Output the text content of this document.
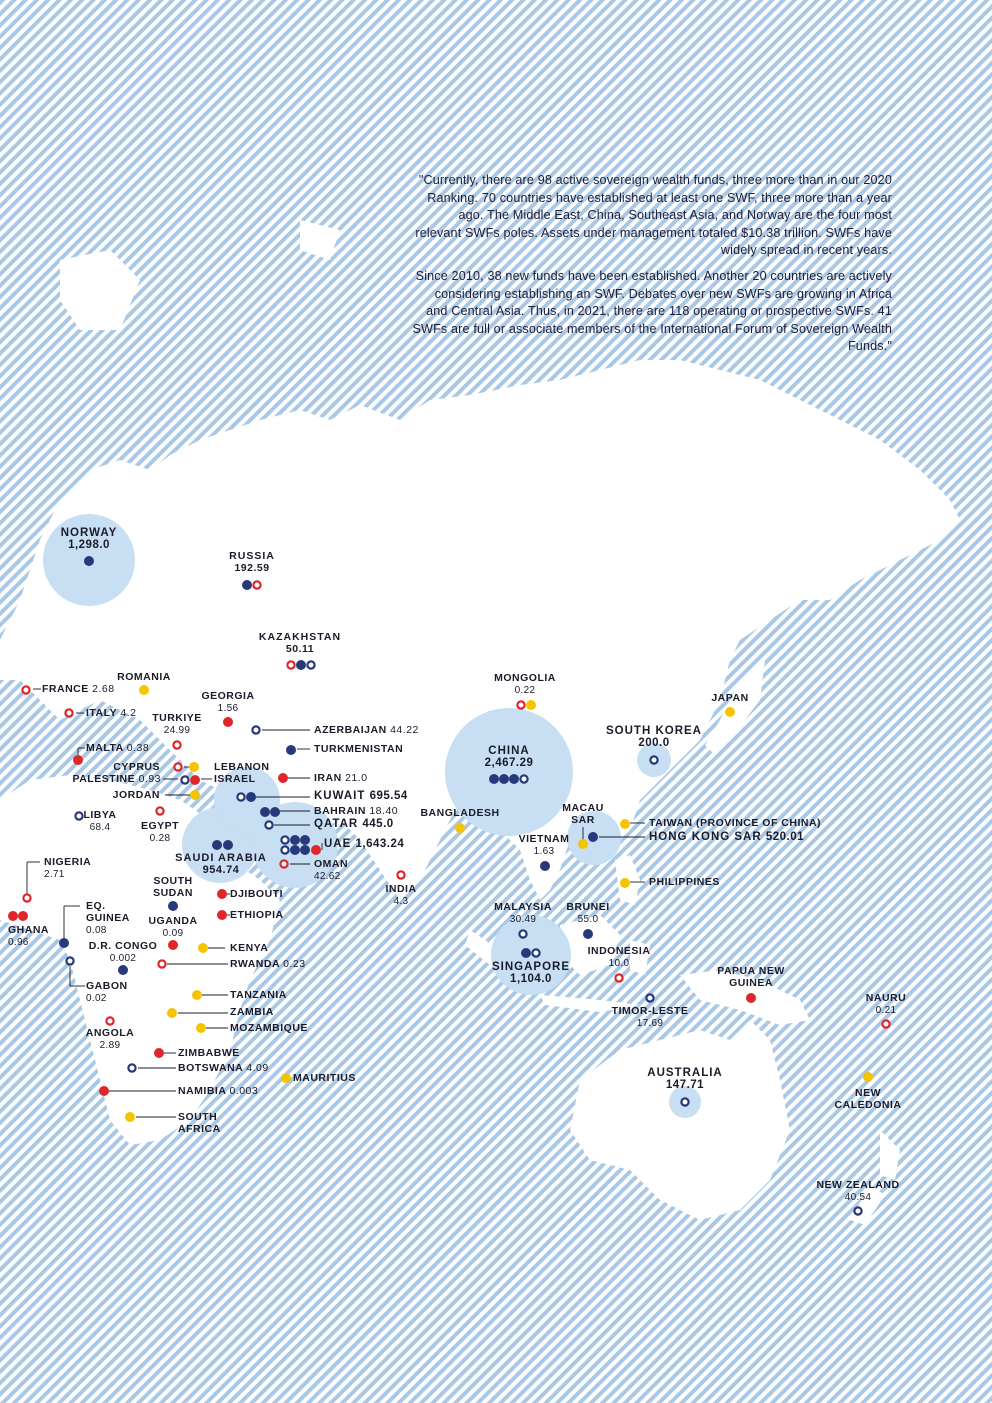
"Currently, there are 98 active sovereign wealth funds, three more than in our 2020 Ranking. 70 countries have established at least one SWF, three more than a year ago. The Middle East, China, Southeast Asia, and Norway are the four most relevant SWFs poles. Assets under management totaled $10.38 trillion. SWFs have widely spread in recent years.

Since 2010, 38 new funds have been established. Another 20 countries are actively considering establishing an SWF. Debates over new SWFs are growing in Africa and Central Asia. Thus, in 2021, there are 118 operating or prospective SWFs. 41 SWFs are full or associate members of the International Forum of Sovereign Wealth Funds."

NORWAY
1,298.0
RUSSIA
192.59
KAZAKHSTAN
50.11
FRANCE 2.68
ROMANIA
ITALY 4.2
GEORGIA
1.56
TURKIYE
24.99	AZERBAIJAN 44.22
MALTA 0.38	TURKMENISTAN
CYPRUS	LEBANON
PALESTINE 0.93	ISRAEL	IRAN 21.0
JORDAN	KUWAIT 695.54
BAHRAIN 18.40
LIBYA
68.4	EGYPT
0.28
QATAR 445.0
UAE 1,643.24
SAUDI ARABIA
954.74	OMAN
42.62
NIGERIA
2.71
SOUTH
SUDAN	DJIBOUTI	INDIA
4.3
ETHIOPIA
GHANA
0.96
EQ.
GUINEA
0.08
UGANDA
0.09
D.R. CONGO
0.002
KENYA
RWANDA 0.23
GABON
0.02	TANZANIA
ZAMBIA
ANGOLA
2.89
MOZAMBIQUE
ZIMBABWE
BOTSWANA 4.09
MAURITIUS
NAMIBIA 0.003
SOUTH
AFRICA
MONGOLIA
0.22
CHINA
2,467.29
SOUTH KOREA
200.0
JAPAN
BANGLADESH	MACAU
SAR	TAIWAN (PROVINCE OF CHINA)
HONG KONG SAR 520.01
VIETNAM
1.63
PHILIPPINES
MALAYSIA
30.49
BRUNEI
55.0
SINGAPORE
1,104.0
INDONESIA
10.0
TIMOR-LESTE
17.69
PAPUA NEW
GUINEA
NAURU
0.21
AUSTRALIA
147.71
NEW
CALEDONIA
NEW ZEALAND
40.54
